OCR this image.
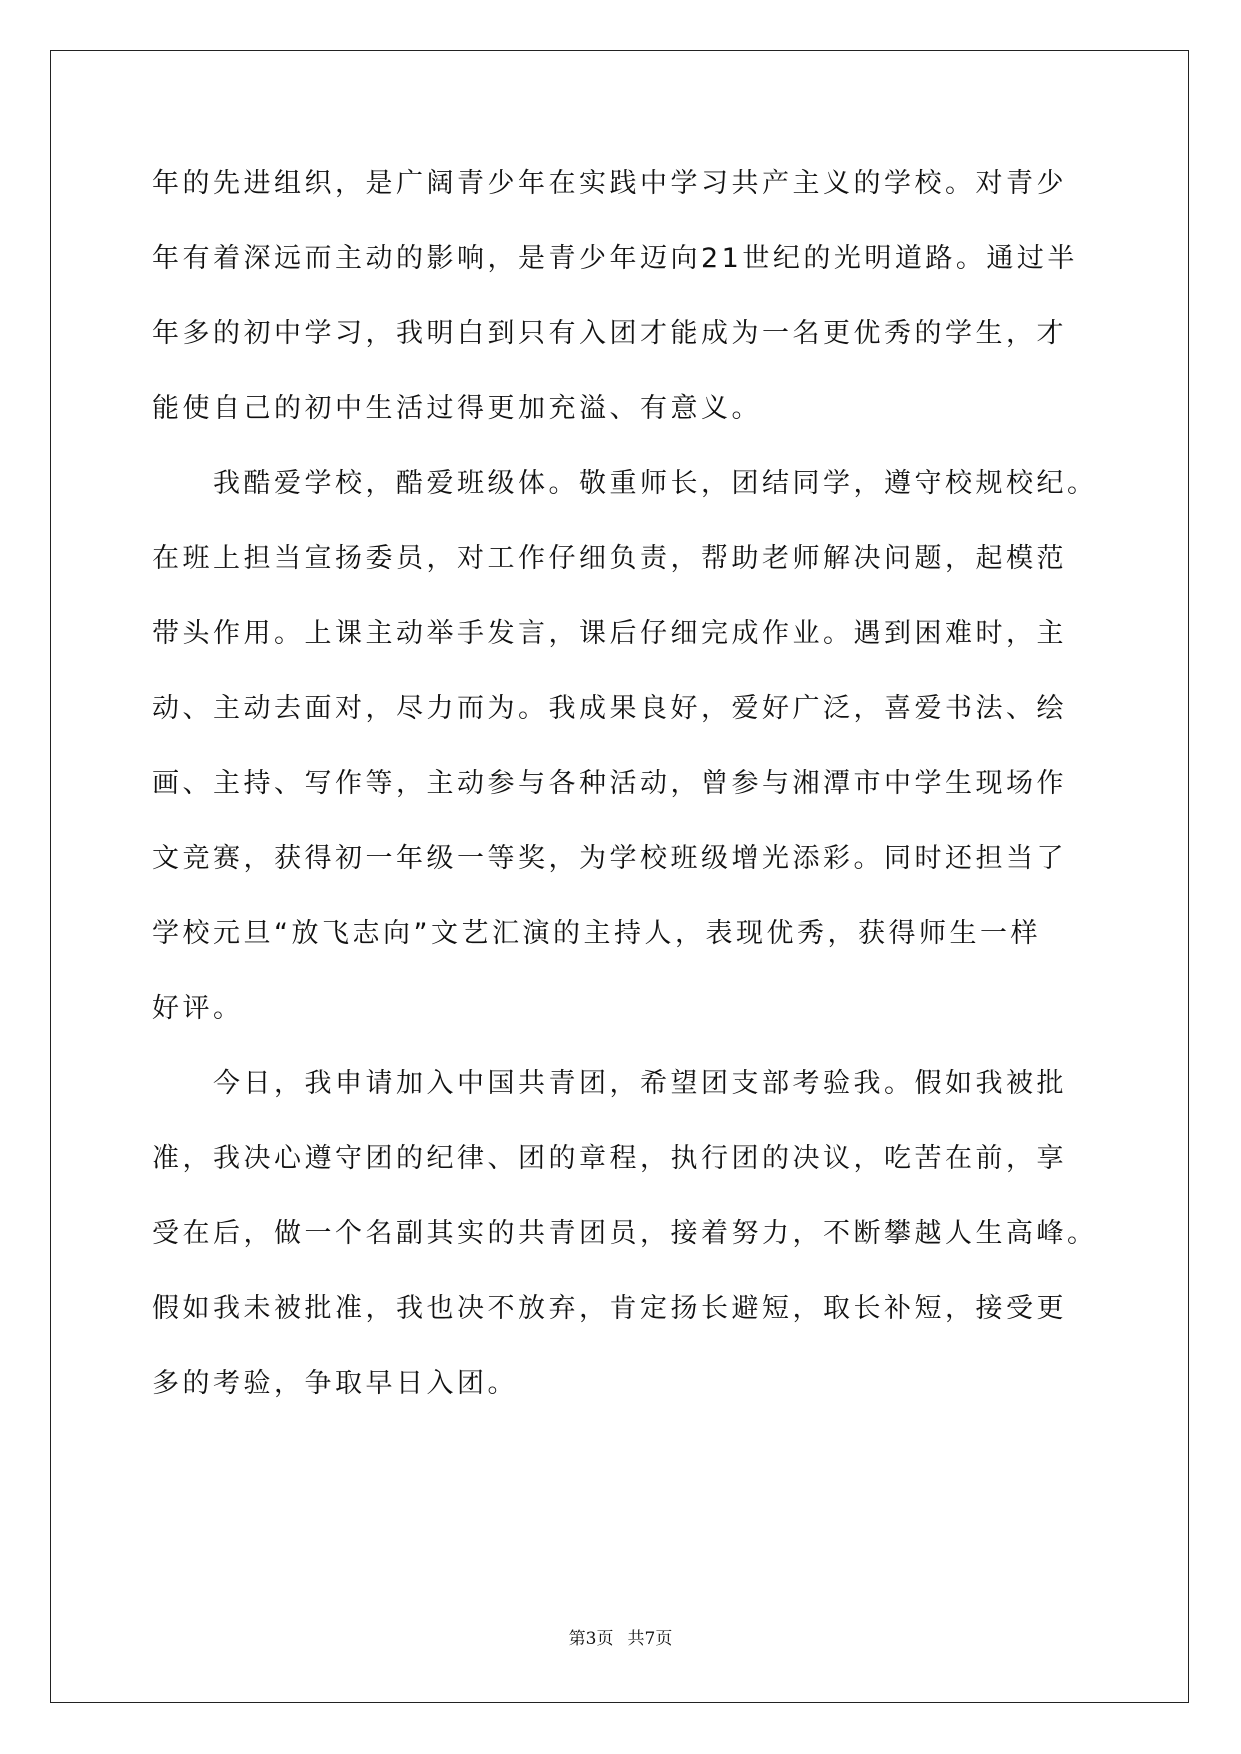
年的先进组织，是广阔青少年在实践中学习共产主义的学校。对青少
年有着深远而主动的影响，是青少年迈向21世纪的光明道路。通过半
年多的初中学习，我明白到只有入团才能成为一名更优秀的学生，才
能使自己的初中生活过得更加充溢、有意义。
我酷爱学校，酷爱班级体。敬重师长，团结同学，遵守校规校纪。
在班上担当宣扬委员，对工作仔细负责，帮助老师解决问题，起模范
带头作用。上课主动举手发言，课后仔细完成作业。遇到困难时，主
动、主动去面对，尽力而为。我成果良好，爱好广泛，喜爱书法、绘
画、主持、写作等，主动参与各种活动，曾参与湘潭市中学生现场作
文竞赛，获得初一年级一等奖，为学校班级增光添彩。同时还担当了
学校元旦“放飞志向”文艺汇演的主持人，表现优秀，获得师生一样
好评。
今日，我申请加入中国共青团，希望团支部考验我。假如我被批
准，我决心遵守团的纪律、团的章程，执行团的决议，吃苦在前，享
受在后，做一个名副其实的共青团员，接着努力，不断攀越人生高峰。
假如我未被批准，我也决不放弃，肯定扬长避短，取长补短，接受更
多的考验，争取早日入团。
第3页 共7页
